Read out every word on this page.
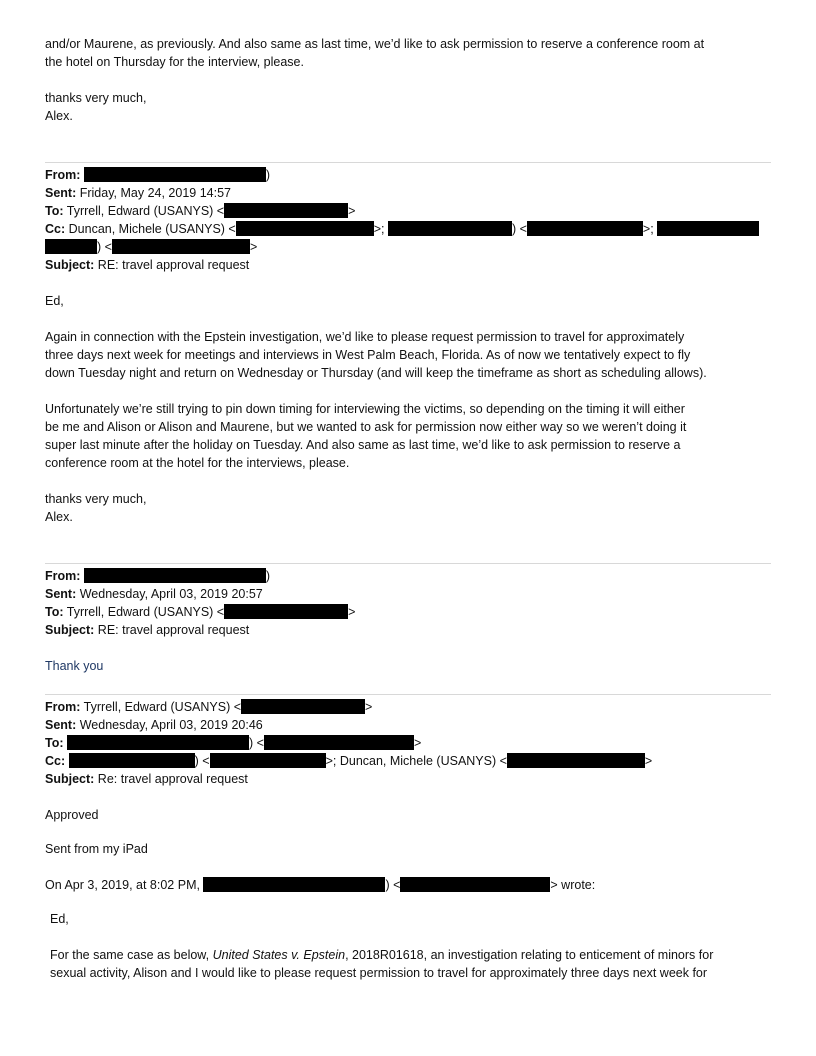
and/or Maurene, as previously. And also same as last time, we’d like to ask permission to reserve a conference room at
the hotel on Thursday for the interview, please.
thanks very much,
Alex.
From:	)
Sent: Friday, May 24, 2019 14:57
To: Tyrrell, Edward (USANYS) <	>
Cc: Duncan, Michele (USANYS) <	>;	) <	>;
) <	>
Subject: RE: travel approval request
Ed,
Again in connection with the Epstein investigation, we’d like to please request permission to travel for approximately
three days next week for meetings and interviews in West Palm Beach, Florida. As of now we tentatively expect to fly
down Tuesday night and return on Wednesday or Thursday (and will keep the timeframe as short as scheduling allows).
Unfortunately we’re still trying to pin down timing for interviewing the victims, so depending on the timing it will either
be me and Alison or Alison and Maurene, but we wanted to ask for permission now either way so we weren’t doing it
super last minute after the holiday on Tuesday. And also same as last time, we’d like to ask permission to reserve a
conference room at the hotel for the interviews, please.
thanks very much,
Alex.
From:	)
Sent: Wednesday, April 03, 2019 20:57
To: Tyrrell, Edward (USANYS) <	>
Subject: RE: travel approval request
Thank you
From: Tyrrell, Edward (USANYS) <	>
Sent: Wednesday, April 03, 2019 20:46
To:	) <	>
Cc:	) <	>; Duncan, Michele (USANYS) <	>
Subject: Re: travel approval request
Approved
Sent from my iPad
On Apr 3, 2019, at 8:02 PM,	) <	> wrote:
Ed,
For the same case as below, United States v. Epstein, 2018R01618, an investigation relating to enticement of minors for
sexual activity, Alison and I would like to please request permission to travel for approximately three days next week for
